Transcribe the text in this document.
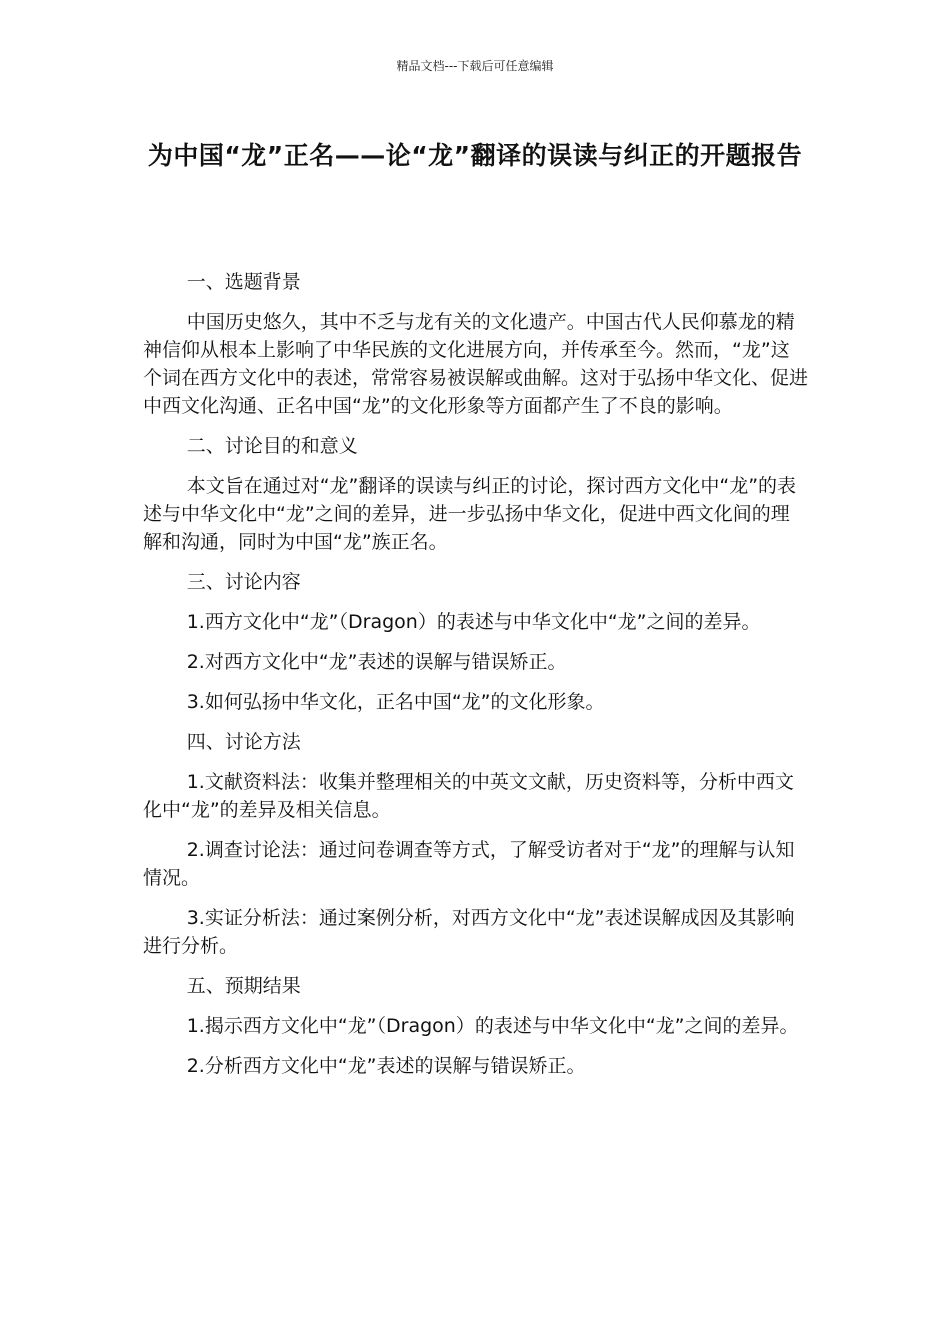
精品文档---下载后可任意编辑
为中国“龙”正名——论“龙”翻译的误读与纠正的开题报告

一、选题背景

中国历史悠久，其中不乏与龙有关的文化遗产。中国古代人民仰慕龙的精神信仰从根本上影响了中华民族的文化进展方向，并传承至今。然而，“龙”这个词在西方文化中的表述，常常容易被误解或曲解。这对于弘扬中华文化、促进中西文化沟通、正名中国“龙”的文化形象等方面都产生了不良的影响。

二、讨论目的和意义

本文旨在通过对“龙”翻译的误读与纠正的讨论，探讨西方文化中“龙”的表述与中华文化中“龙”之间的差异，进一步弘扬中华文化，促进中西文化间的理解和沟通，同时为中国“龙”族正名。

三、讨论内容

1.西方文化中“龙”（Dragon）的表述与中华文化中“龙”之间的差异。

2.对西方文化中“龙”表述的误解与错误矫正。

3.如何弘扬中华文化，正名中国“龙”的文化形象。

四、讨论方法

1.文献资料法：收集并整理相关的中英文文献，历史资料等，分析中西文化中“龙”的差异及相关信息。

2.调查讨论法：通过问卷调查等方式，了解受访者对于“龙”的理解与认知情况。

3.实证分析法：通过案例分析，对西方文化中“龙”表述误解成因及其影响进行分析。

五、预期结果

1.揭示西方文化中“龙”（Dragon）的表述与中华文化中“龙”之间的差异。

2.分析西方文化中“龙”表述的误解与错误矫正。
